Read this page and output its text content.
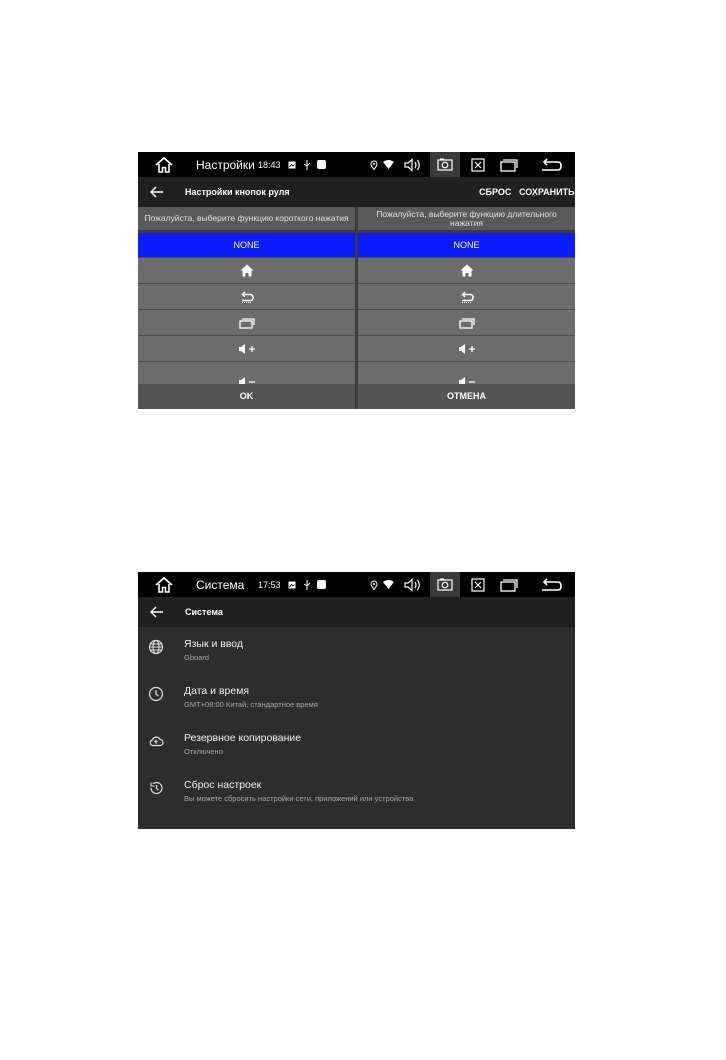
Настройки 18:43
Настройки кнопок руля	СБРОС СОХРАНИТЬ
Пожалуйста, выберите функцию короткого нажатия
NONE
Пожалуйста, выберите функцию длительного нажатия
NONE
OK	ОТМЕНА
Система 17:53
Система
Язык и ввод
Gboard
Дата и время
GMT+08:00 Китай, стандартное время
Резервное копирование
Отключено
Сброс настроек
Вы можете сбросить настройки сети, приложений или устройства
